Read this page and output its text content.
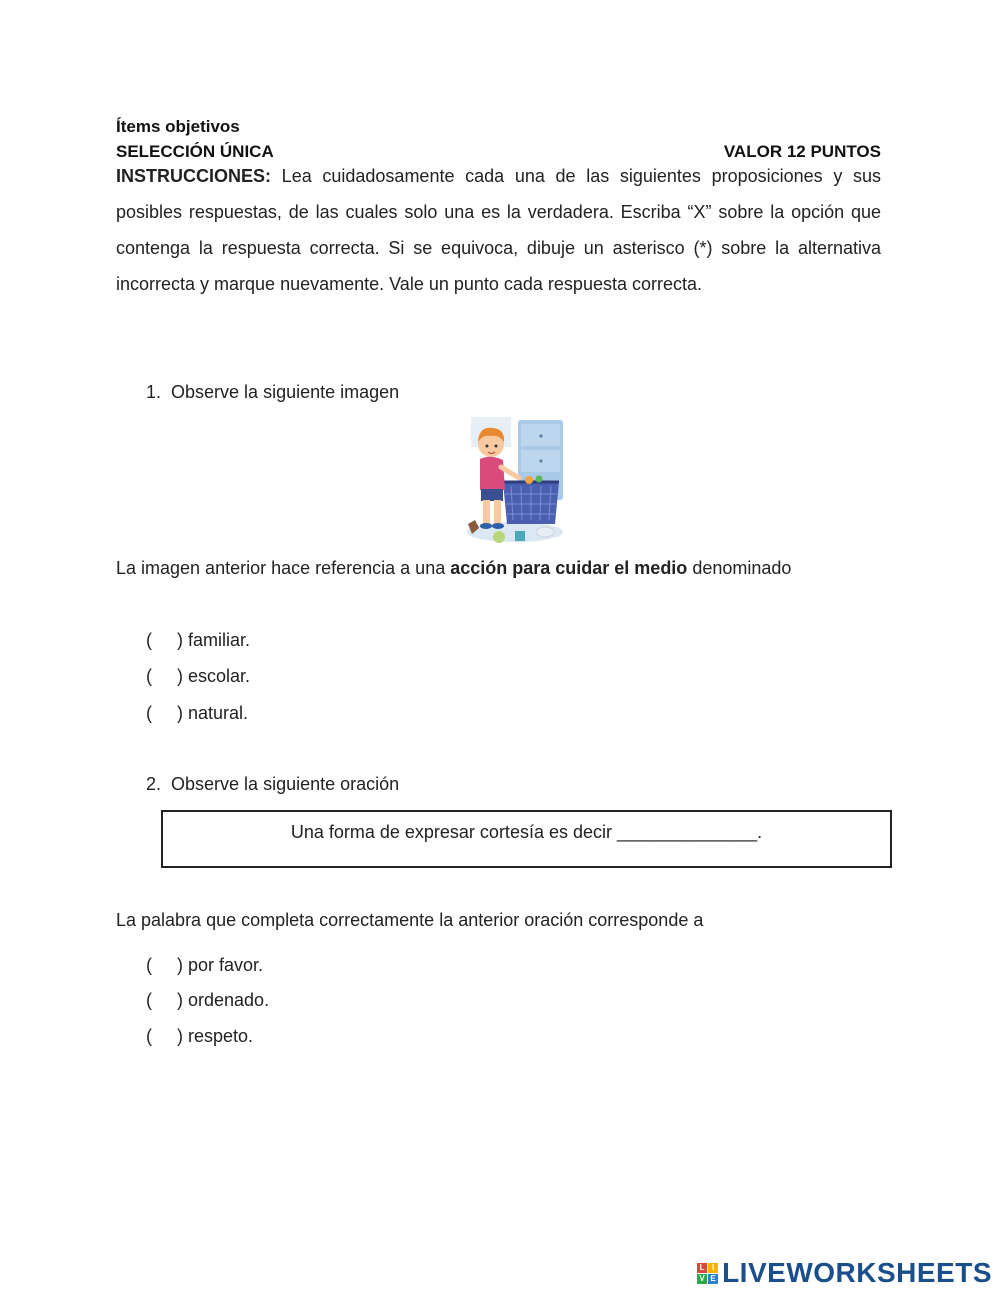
Ítems objetivos
SELECCIÓN ÚNICA	VALOR 12 PUNTOS
INSTRUCCIONES: Lea cuidadosamente cada una de las siguientes proposiciones y sus posibles respuestas, de las cuales solo una es la verdadera. Escriba “X” sobre la opción que contenga la respuesta correcta. Si se equivoca, dibuje un asterisco (*) sobre la alternativa incorrecta y marque nuevamente. Vale un punto cada respuesta correcta.
1. Observe la siguiente imagen
La imagen anterior hace referencia a una acción para cuidar el medio denominado
(     ) familiar.
(     ) escolar.
(     ) natural.
2. Observe la siguiente oración
Una forma de expresar cortesía es decir ______________.
La palabra que completa correctamente la anterior oración corresponde a
(     ) por favor.
(     ) ordenado.
(     ) respeto.
L I
V E LIVEWORKSHEETS
